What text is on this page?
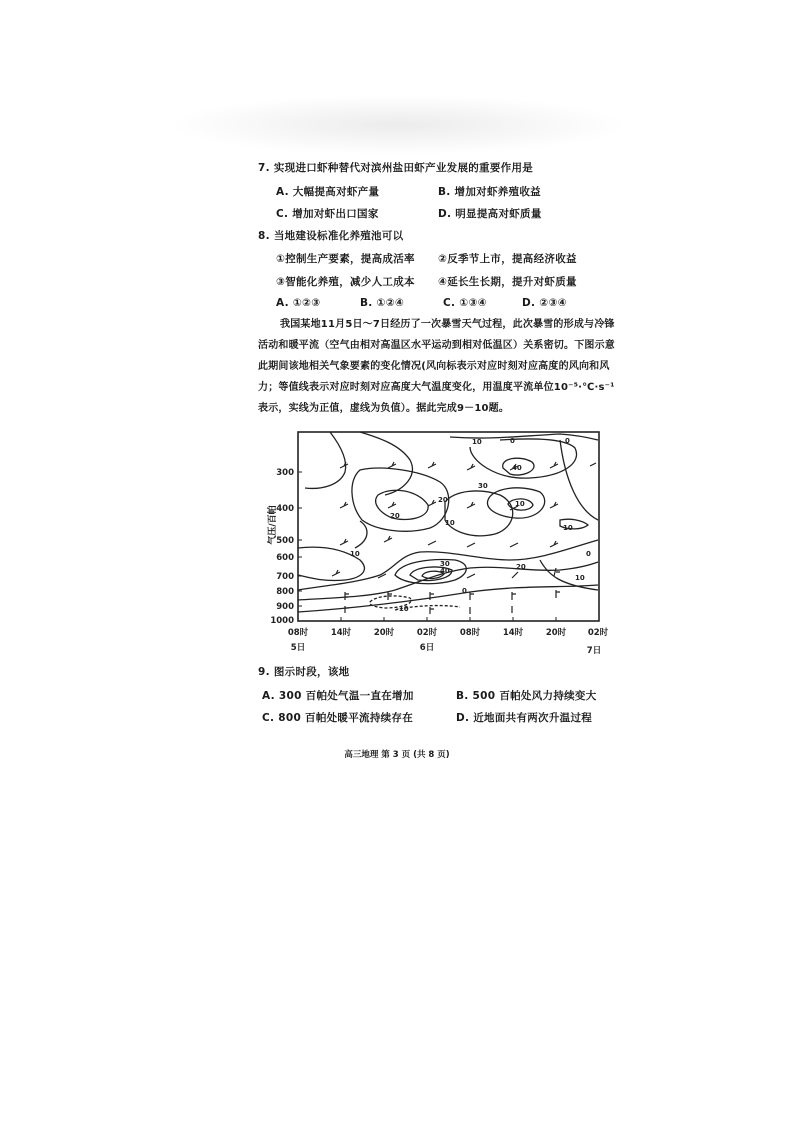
7. 实现进口虾种替代对滨州盐田虾产业发展的重要作用是
A. 大幅提高对虾产量	B. 增加对虾养殖收益
C. 增加对虾出口国家	D. 明显提高对虾质量
8. 当地建设标准化养殖池可以
①控制生产要素，提高成活率 ②反季节上市，提高经济收益
③智能化养殖，减少人工成本 ④延长生长期，提升对虾质量
A. ①②③	B. ①②④	C. ①③④	D. ②③④

我国某地11月5日～7日经历了一次暴雪天气过程，此次暴雪的形成与冷锋活动和暖平流（空气由相对高温区水平运动到相对低温区）关系密切。下图示意此期间该地相关气象要素的变化情况(风向标表示对应时刻对应高度的风向和风力；等值线表示对应时刻对应高度大气温度变化，用温度平流单位10⁻⁵·℃·s⁻¹表示，实线为正值，虚线为负值）。据此完成9－10题。

0
10	0
30
40
10
20
20
10
10
10
20
30
40
0
0
10
-10
300
400
500
600
700
800
900
1000
气压/百帕
08时	14时	20时	02时	08时	14时	20时	02时
5日	6日	7日
9. 图示时段，该地
A. 300 百帕处气温一直在增加	B. 500 百帕处风力持续变大
C. 800 百帕处暖平流持续存在	D. 近地面共有两次升温过程
高三地理 第 3 页 (共 8 页)
